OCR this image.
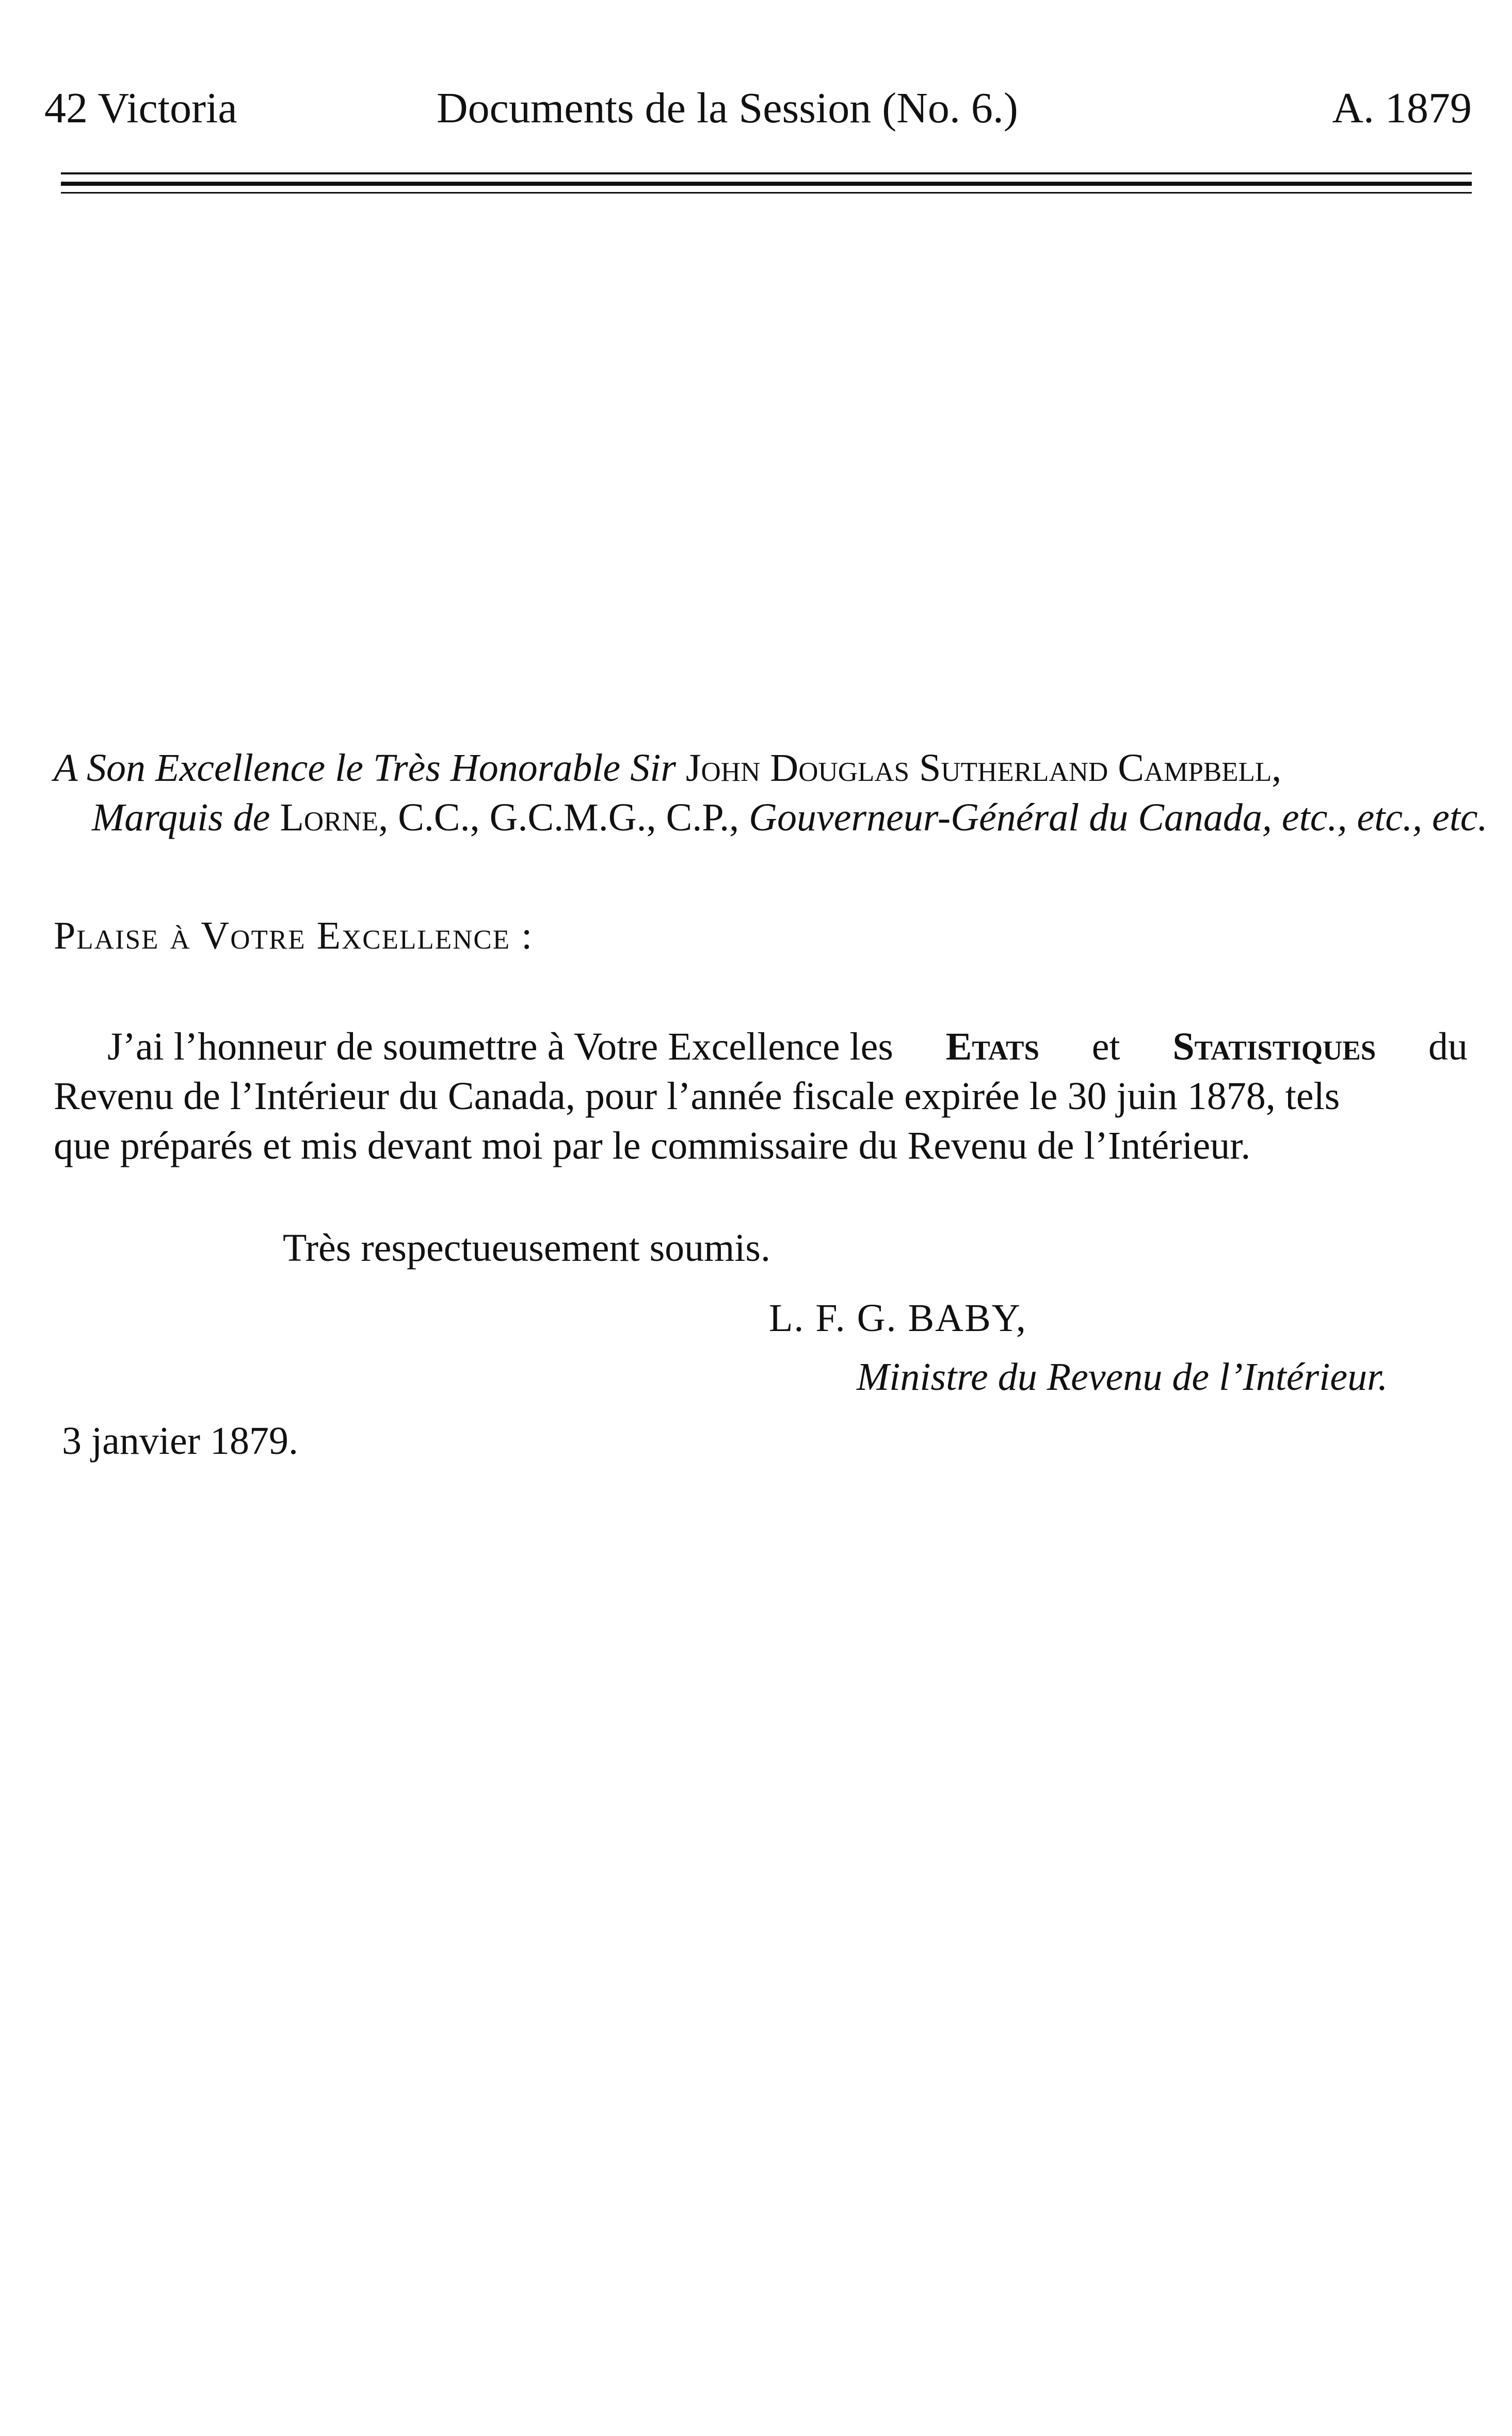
42 Victoria	Documents de la Session (No. 6.)	A. 1879
A Son Excellence le Très Honorable Sir John Douglas Sutherland Campbell,
Marquis de Lorne, C.C., G.C.M.G., C.P., Gouverneur-Général du Canada, etc., etc., etc.
Plaise à Votre Excellence :
J’ai l’honneur de soumettre à Votre Excellence les Etats et Statistiques du
Revenu de l’Intérieur du Canada, pour l’année fiscale expirée le 30 juin 1878, tels
que préparés et mis devant moi par le commissaire du Revenu de l’Intérieur.
Très respectueusement soumis.
L. F. G. BABY,
Ministre du Revenu de l’Intérieur.
3 janvier 1879.
